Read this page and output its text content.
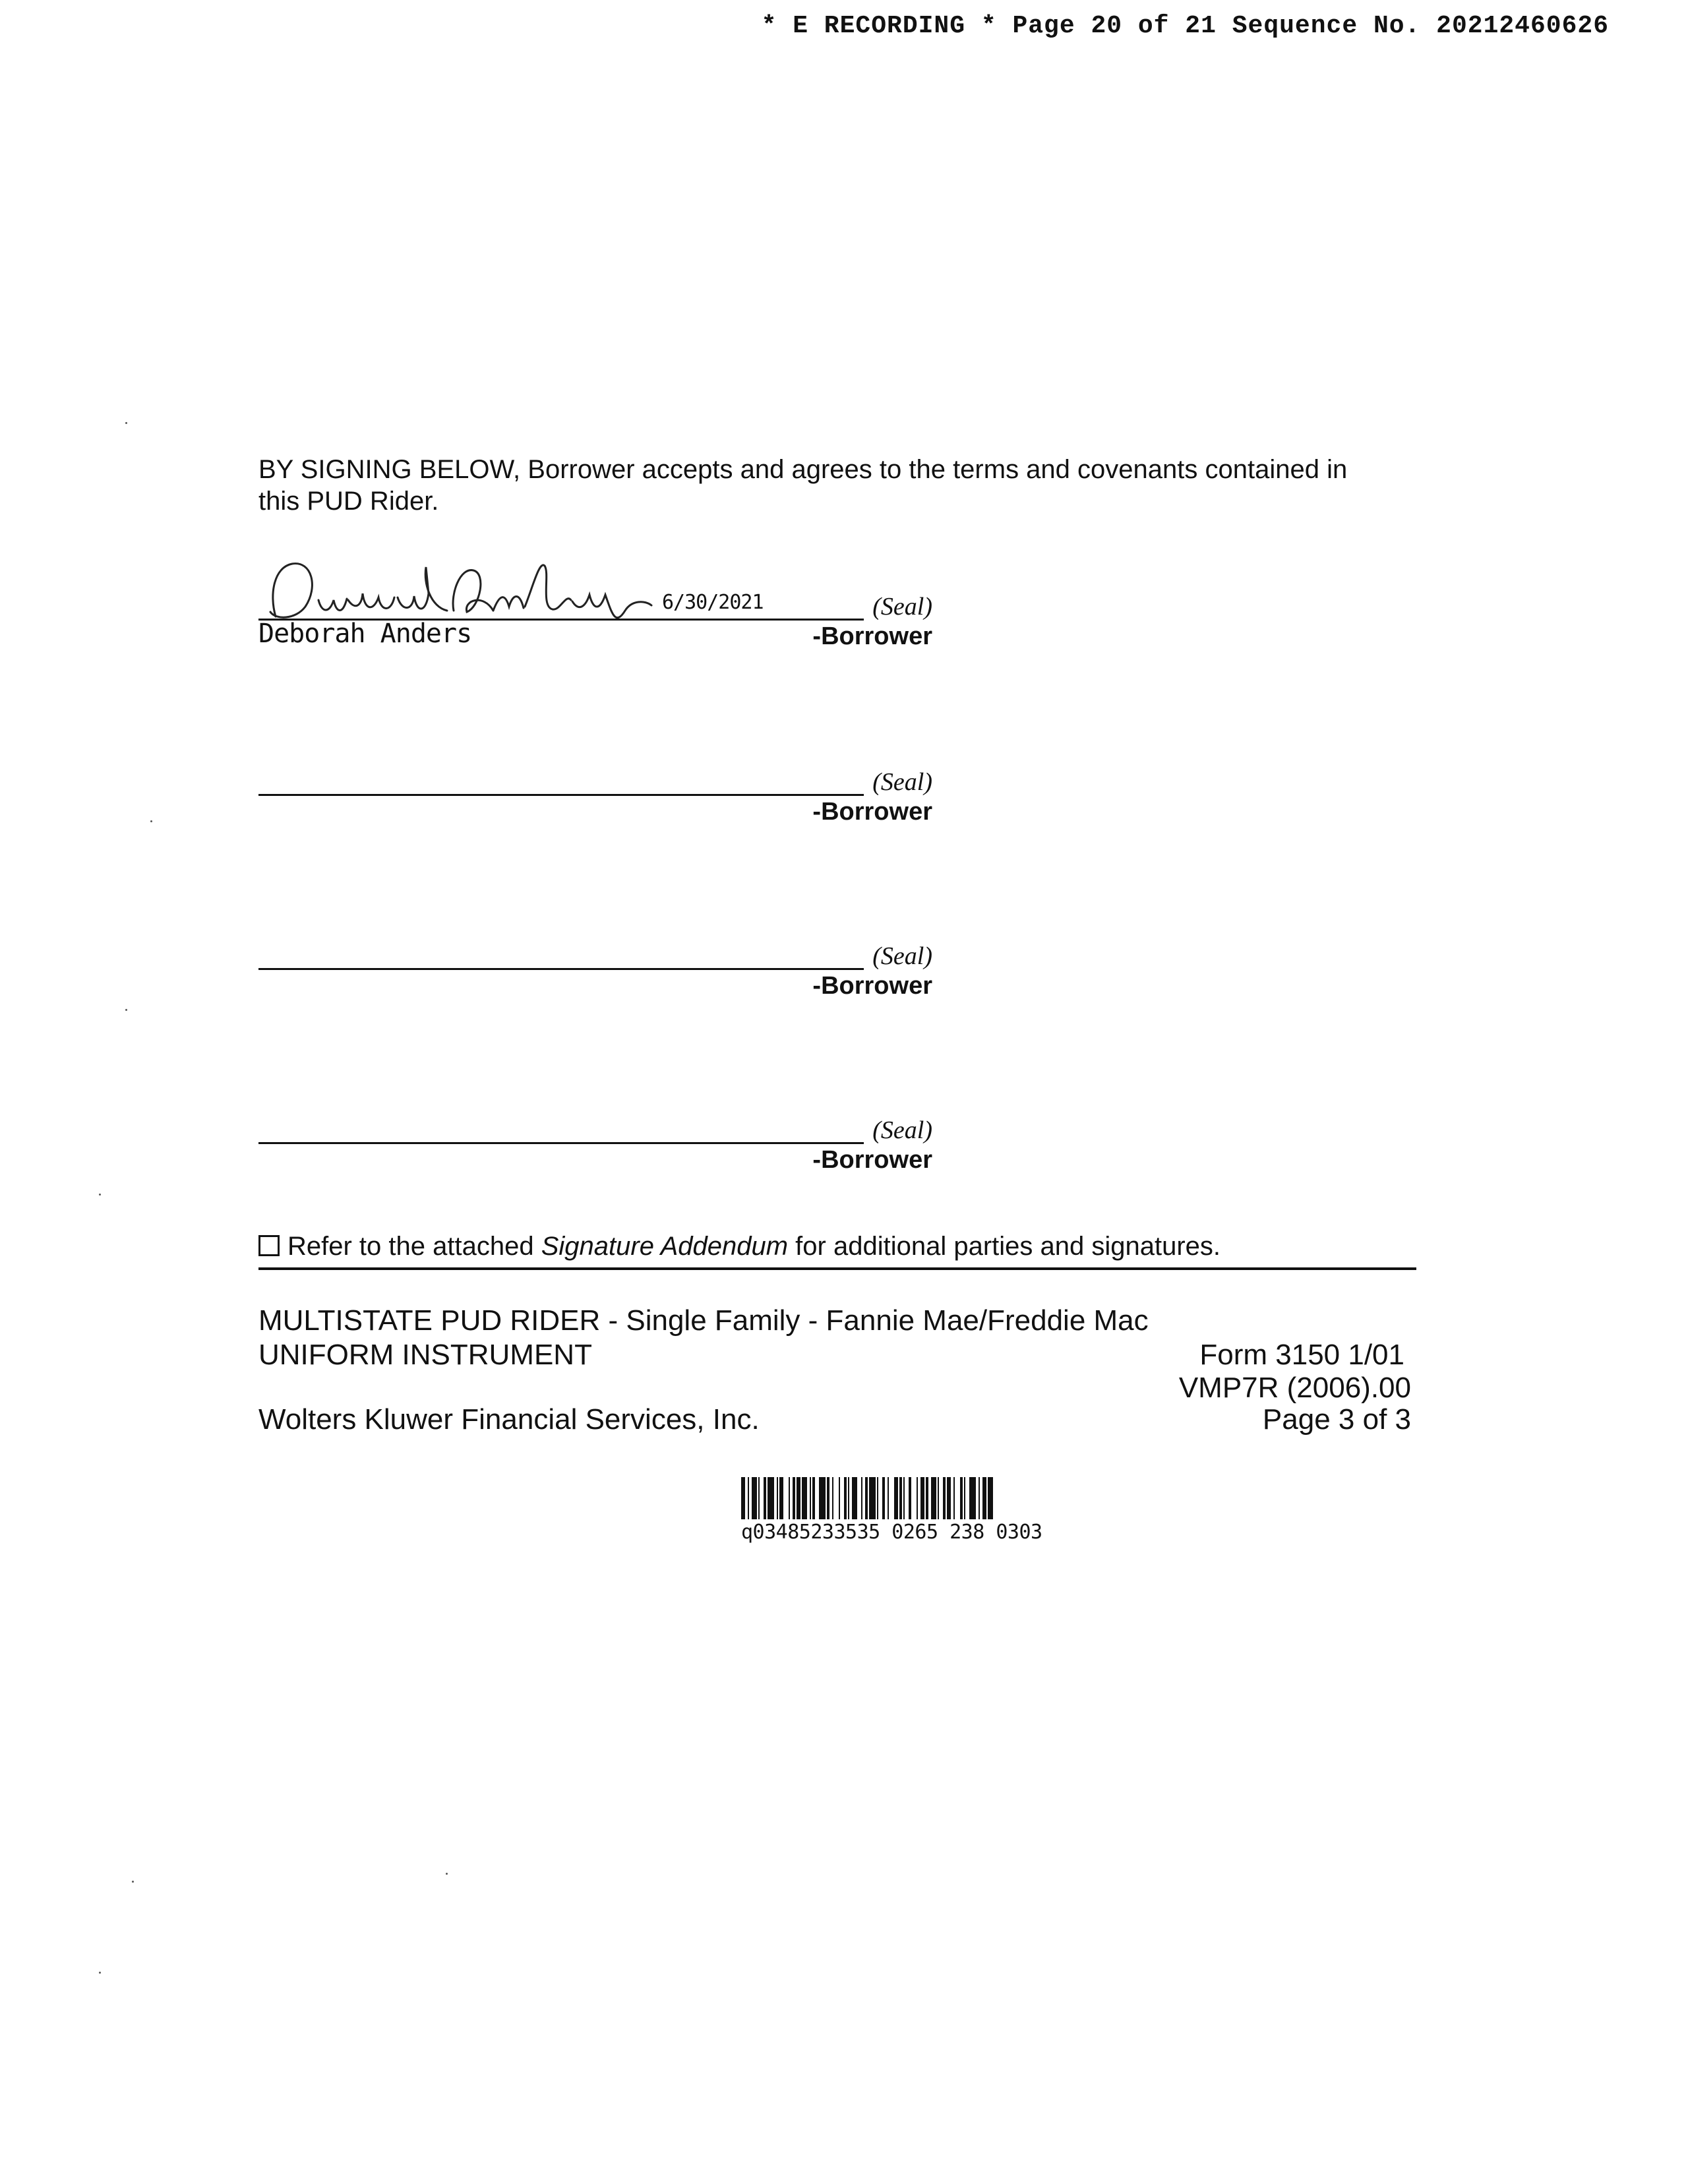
* E RECORDING * Page 20 of 21 Sequence No. 20212460626
BY SIGNING BELOW, Borrower accepts and agrees to the terms and covenants contained in this PUD Rider.
6/30/2021	(Seal)
Deborah Anders	-Borrower
(Seal)
-Borrower
(Seal)
-Borrower
(Seal)
-Borrower
Refer to the attached Signature Addendum for additional parties and signatures.
MULTISTATE PUD RIDER - Single Family - Fannie Mae/Freddie Mac
UNIFORM INSTRUMENT	Form 3150 1/01
VMP7R (2006).00
Wolters Kluwer Financial Services, Inc.	Page 3 of 3
q03485233535 0265 238 0303
